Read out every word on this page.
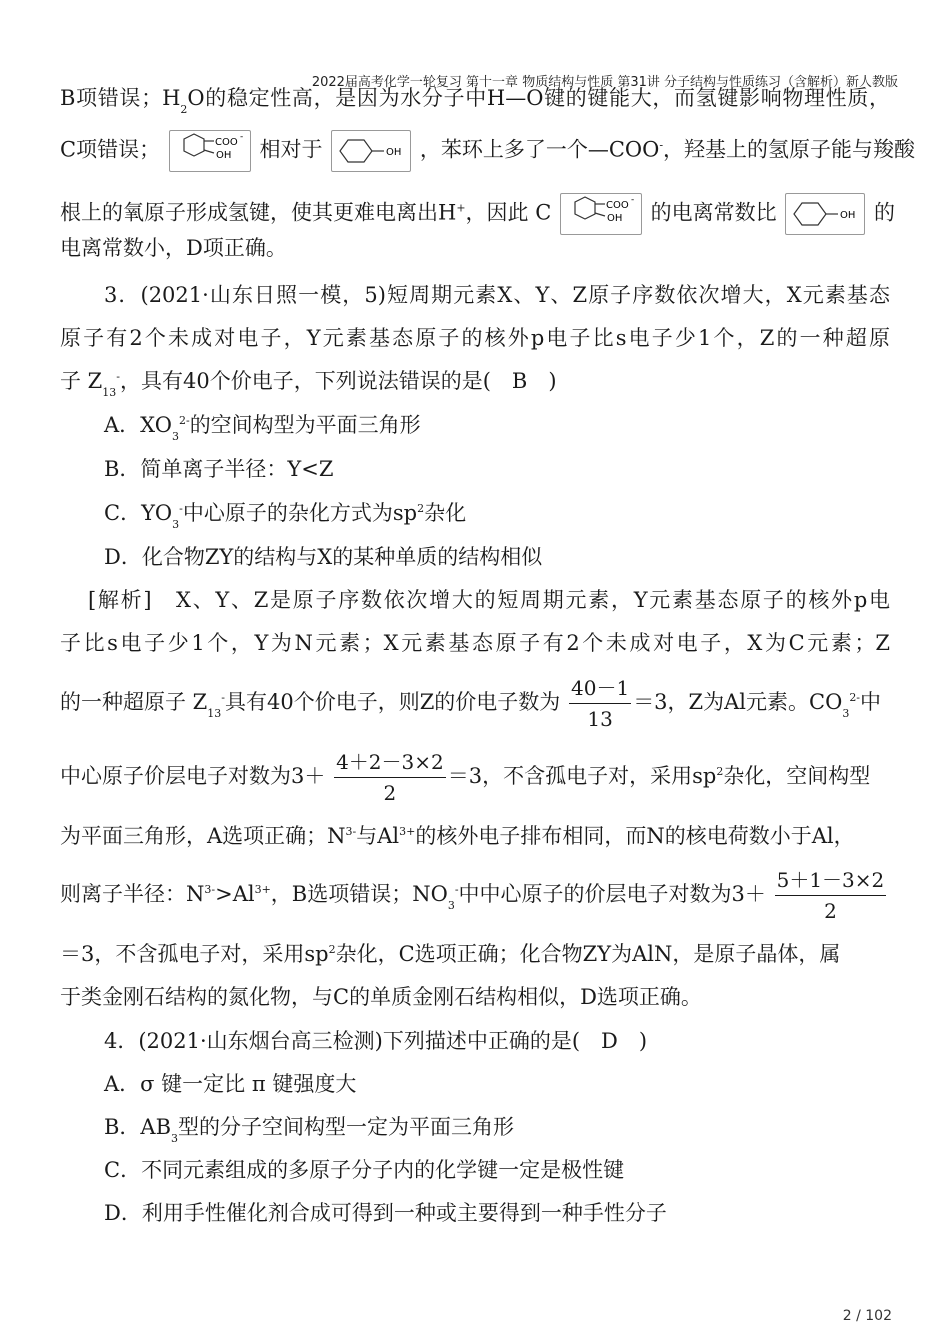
2022届高考化学一轮复习 第十一章 物质结构与性质 第31讲 分子结构与性质练习（含解析）新人教版
B项错误；$H_2O$的稳定性高，是因为水分子中H—O键的键能大，而氢键影响物理性质，
C项错误；	COO -
OH 相对于	OH ，苯环上多了一个—COO-，羟基上的氢原子能与羧酸
根上的氧原子形成氢键，使其更难电离出H+，因此 C	COO -
OH 的电离常数比	OH 的
电离常数小，D项正确。
3．(2021·山东日照一模，5)短周期元素X、Y、Z原子序数依次增大，X元素基态
原子有2个未成对电子，Y元素基态原子的核外p电子比s电子少1个，Z的一种超原
子 $Z_{13}^-$，具有40个价电子，下列说法错误的是(　B　)
A．$XO_3^{2-}$的空间构型为平面三角形
B．简单离子半径：Y<Z
C．$YO_3^-$中心原子的杂化方式为$sp^2$杂化
D．化合物ZY的结构与X的某种单质的结构相似
[解析]　X、Y、Z是原子序数依次增大的短周期元素，Y元素基态原子的核外p电
子比s电子少1个，Y为N元素；X元素基态原子有2个未成对电子，X为C元素；Z
的一种超原子 $Z_{13}^-$具有40个价电子，则Z的价电子数为 $\frac{40-1}{13} =3$，Z为Al元素。$CO_3^{2-}$中
中心原子价层电子对数为$3+ \frac{4+2-3\times 2}{2} =3$，不含孤电子对，采用$sp^2$杂化，空间构型
为平面三角形，A选项正确；$N^{3-}$与$Al^{3+}$的核外电子排布相同，而N的核电荷数小于Al，
则离子半径：$N^{3-}>Al^{3+}$，B选项错误；$NO_3^-$中中心原子的价层电子对数为$3+ \frac{5+1-3\times 2}{2}$
＝3，不含孤电子对，采用$sp^2$杂化，C选项正确；化合物ZY为AlN，是原子晶体，属
于类金刚石结构的氮化物，与C的单质金刚石结构相似，D选项正确。
4．(2021·山东烟台高三检测)下列描述中正确的是(　D　)
A．σ 键一定比 π 键强度大
B．$AB_3$型的分子空间构型一定为平面三角形
C．不同元素组成的多原子分子内的化学键一定是极性键
D．利用手性催化剂合成可得到一种或主要得到一种手性分子
2 / 102
